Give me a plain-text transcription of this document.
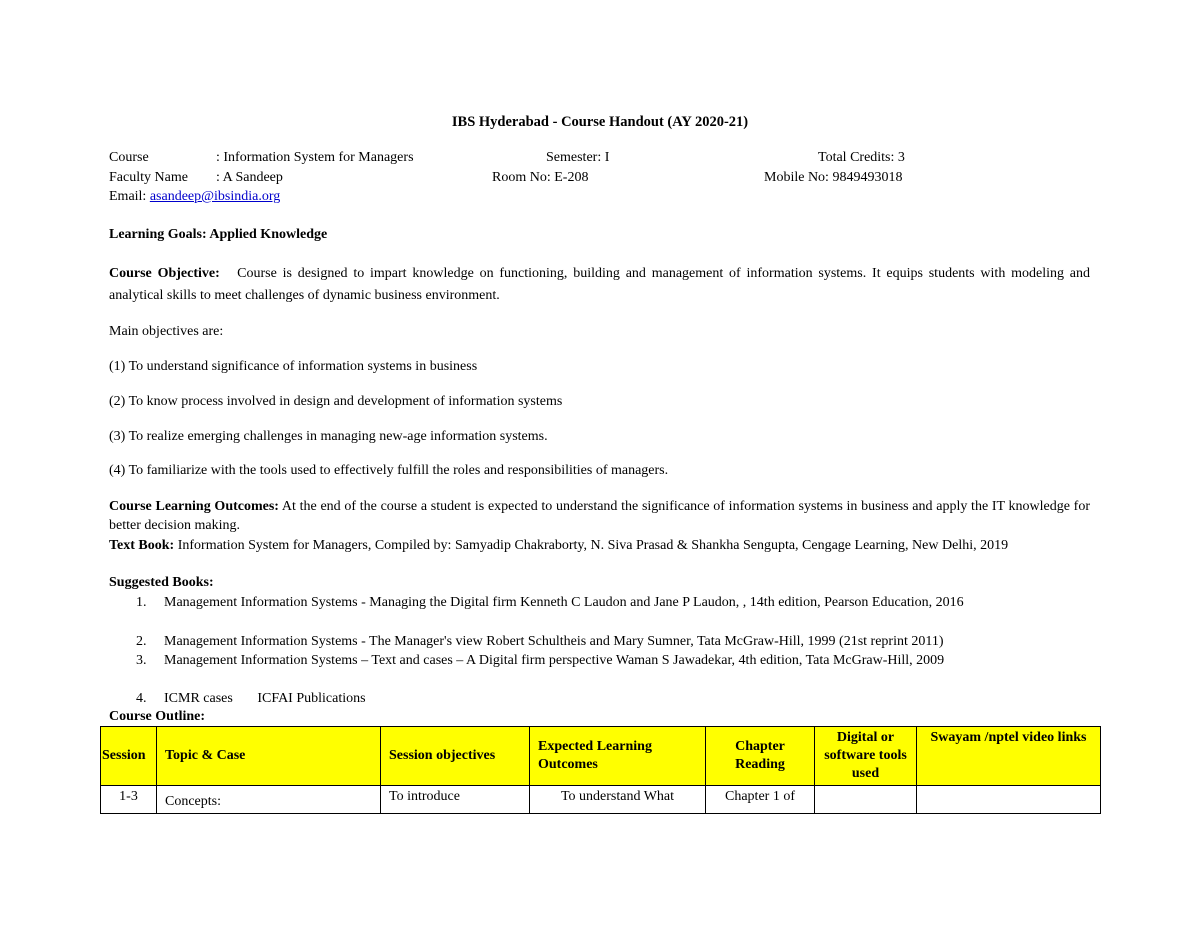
IBS Hyderabad - Course Handout (AY 2020-21)
Course	: Information System for Managers	Semester: I	Total Credits: 3
Faculty Name : A Sandeep	Room No: E-208	Mobile No: 9849493018
Email: asandeep@ibsindia.org
Learning Goals: Applied Knowledge
Course Objective: Course is designed to impart knowledge on functioning, building and management of information systems. It equips students with modeling and analytical skills to meet challenges of dynamic business environment.
Main objectives are:
(1) To understand significance of information systems in business
(2) To know process involved in design and development of information systems
(3) To realize emerging challenges in managing new-age information systems.
(4) To familiarize with the tools used to effectively fulfill the roles and responsibilities of managers.
Course Learning Outcomes: At the end of the course a student is expected to understand the significance of information systems in business and apply the IT knowledge for better decision making.
Text Book: Information System for Managers, Compiled by: Samyadip Chakraborty, N. Siva Prasad & Shankha Sengupta, Cengage Learning, New Delhi, 2019
Suggested Books:
1. Management Information Systems - Managing the Digital firm Kenneth C Laudon and Jane P Laudon, , 14th edition, Pearson Education, 2016
2. Management Information Systems - The Manager's view Robert Schultheis and Mary Sumner, Tata McGraw-Hill, 1999 (21st reprint 2011)
3. Management Information Systems – Text and cases – A Digital firm perspective Waman S Jawadekar, 4th edition, Tata McGraw-Hill, 2009
4. ICMR cases       ICFAI Publications
Course Outline:
Session	Topic & Case	Session objectives	Expected Learning Outcomes	Chapter Reading	Digital or software tools used	Swayam /nptel video links
1-3	Concepts:	To introduce	To understand What	Chapter 1 of		
